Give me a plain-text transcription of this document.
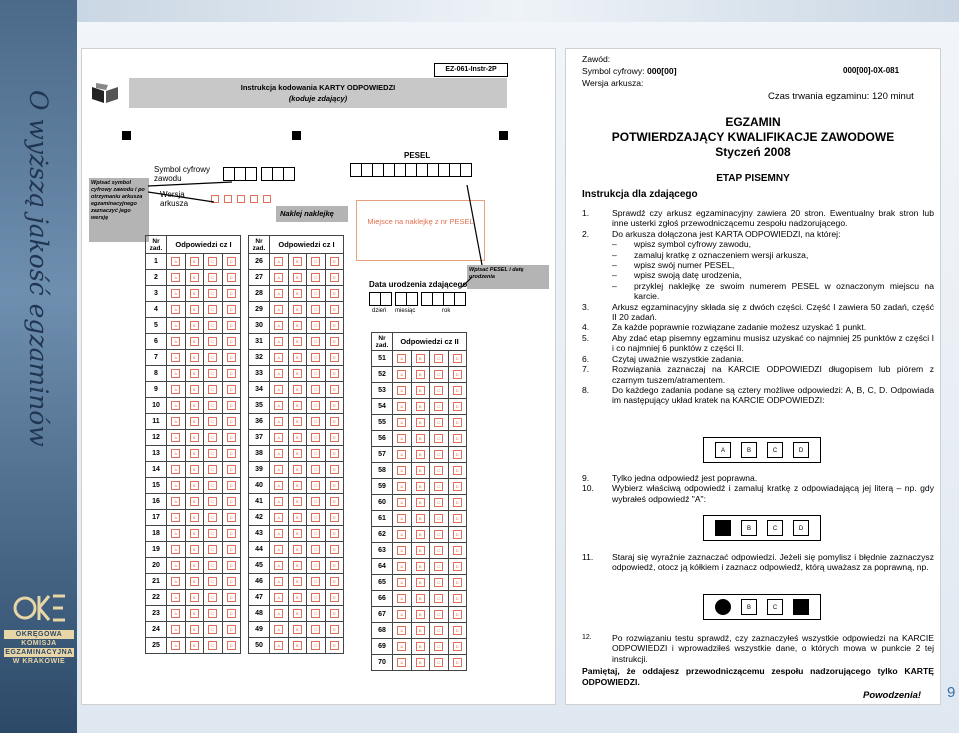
O wyższą jakość egzaminów
OKRĘGOWA
KOMISJA
EGZAMINACYJNA
W KRAKOWIE
EZ-061-Instr-2P
Instrukcja kodowania KARTY ODPOWIEDZI
(koduje zdający)
Symbol cyfrowy zawodu
Wersja arkusza
PESEL
Wpisać symbol cyfrowy zawodu i po otrzymaniu arkusza egzaminacyjnego zaznaczyć jego wersję	Naklej naklejkę
Miejsce na naklejkę z nr PESEL
Wpisać PESEL i datę urodzenia
Data urodzenia zdającego
dzień miesiąc	rok
Nr zad.	Odpowiedzi cz I			
1	A	B	C	D
2	A	B	C	D
3	A	B	C	D
4	A	B	C	D
5	A	B	C	D
6	A	B	C	D
7	A	B	C	D
8	A	B	C	D
9	A	B	C	D
10	A	B	C	D
11	A	B	C	D
12	A	B	C	D
13	A	B	C	D
14	A	B	C	D
15	A	B	C	D
16	A	B	C	D
17	A	B	C	D
18	A	B	C	D
19	A	B	C	D
20	A	B	C	D
21	A	B	C	D
22	A	B	C	D
23	A	B	C	D
24	A	B	C	D
25	A	B	C	D
Nr zad.	Odpowiedzi cz I			
26	A	B	C	D
27	A	B	C	D
28	A	B	C	D
29	A	B	C	D
30	A	B	C	D
31	A	B	C	D
32	A	B	C	D
33	A	B	C	D
34	A	B	C	D
35	A	B	C	D
36	A	B	C	D
37	A	B	C	D
38	A	B	C	D
39	A	B	C	D
40	A	B	C	D
41	A	B	C	D
42	A	B	C	D
43	A	B	C	D
44	A	B	C	D
45	A	B	C	D
46	A	B	C	D
47	A	B	C	D
48	A	B	C	D
49	A	B	C	D
50	A	B	C	D
Nr zad.	Odpowiedzi cz II			
51	A	B	C	D
52	A	B	C	D
53	A	B	C	D
54	A	B	C	D
55	A	B	C	D
56	A	B	C	D
57	A	B	C	D
58	A	B	C	D
59	A	B	C	D
60	A	B	C	D
61	A	B	C	D
62	A	B	C	D
63	A	B	C	D
64	A	B	C	D
65	A	B	C	D
66	A	B	C	D
67	A	B	C	D
68	A	B	C	D
69	A	B	C	D
70	A	B	C	D
Zawód:
Symbol cyfrowy: 000[00]	000[00]-0X-081
Wersja arkusza:
Czas trwania egzaminu: 120 minut
EGZAMIN
POTWIERDZAJĄCY KWALIFIKACJE ZAWODOWE
Styczeń 2008
ETAP PISEMNY
Instrukcja dla zdającego
1.	Sprawdź czy arkusz egzaminacyjny zawiera 20 stron. Ewentualny brak stron lub inne usterki zgłoś przewodniczącemu zespołu nadzorującego.
2.	Do arkusza dołączona jest KARTA ODPOWIEDZI, na której:
–	wpisz symbol cyfrowy zawodu,
–	zamaluj kratkę z oznaczeniem wersji arkusza,
–	wpisz swój numer PESEL,
–	wpisz swoją datę urodzenia,
–	przyklej naklejkę ze swoim numerem PESEL w oznaczonym miejscu na karcie.
3.	Arkusz egzaminacyjny składa się z dwóch części. Część I zawiera 50 zadań, część II 20 zadań.
4.	Za każde poprawnie rozwiązane zadanie możesz uzyskać 1 punkt.
5.	Aby zdać etap pisemny egzaminu musisz uzyskać co najmniej 25 punktów z części I i co najmniej 6 punktów z części II.
6.	Czytaj uważnie wszystkie zadania.
7.	Rozwiązania zaznaczaj na KARCIE ODPOWIEDZI długopisem lub piórem z czarnym tuszem/atramentem.
8.	Do każdego zadania podane są cztery możliwe odpowiedzi: A, B, C, D. Odpowiada im następujący układ kratek na KARCIE ODPOWIEDZI:
A	B	C	D
9.	Tylko jedna odpowiedź jest poprawna.
10.	Wybierz właściwą odpowiedź i zamaluj kratkę z odpowiadającą jej literą – np. gdy wybrałeś odpowiedź "A":
A	B	C	D
11.	Staraj się wyraźnie zaznaczać odpowiedzi. Jeżeli się pomylisz i błędnie zaznaczysz odpowiedź, otocz ją kółkiem i zaznacz odpowiedź, którą uważasz za poprawną, np.
B	C	D
12.	Po rozwiązaniu testu sprawdź, czy zaznaczyłeś wszystkie odpowiedzi na KARCIE ODPOWIEDZI i wprowadziłeś wszystkie dane, o których mowa w punkcie 2 tej instrukcji.
Pamiętaj, że oddajesz przewodniczącemu zespołu nadzorującego tylko KARTĘ ODPOWIEDZI.
Powodzenia! 9
